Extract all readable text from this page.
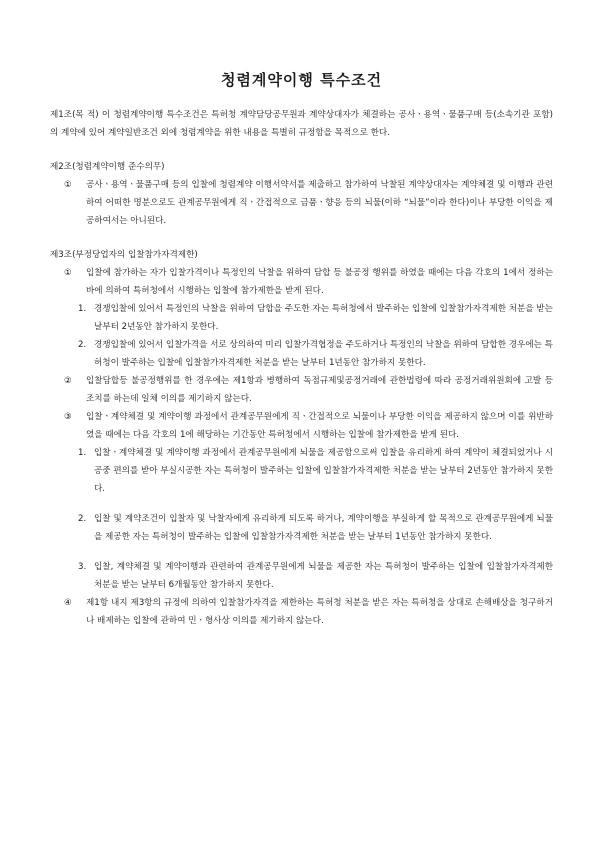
청렴계약이행 특수조건

제1조(목 적) 이 청렴계약이행 특수조건은 특허청 계약담당공무원과 계약상대자가 체결하는 공사ㆍ용역ㆍ물품구매 등(소속기관 포함)의 계약에 있어 계약일반조건 외에 청렴계약을 위한 내용을 특별히 규정함을 목적으로 한다.

제2조(청렴계약이행 준수의무)

①	공사ㆍ용역ㆍ물품구매 등의 입찰에 청렴계약 이행서약서를 제출하고 참가하여 낙찰된 계약상대자는 계약체결 및 이행과 관련하여 어떠한 명분으로도 관계공무원에게 직ㆍ간접적으로 금품ㆍ향응 등의 뇌물(이하 “뇌물”이라 한다)이나 부당한 이익을 제공하여서는 아니된다.

제3조(부정당업자의 입찰참가자격제한)

①	입찰에 참가하는 자가 입찰가격이나 특정인의 낙찰을 위하여 담합 등 불공정 행위를 하였을 때에는 다음 각호의 1에서 정하는 바에 의하여 특허청에서 시행하는 입찰에 참가제한을 받게 된다.
1. 경쟁입찰에 있어서 특정인의 낙찰을 위하여 담합을 주도한 자는 특허청에서 발주하는 입찰에 입찰참가자격제한 처분을 받는 날부터 2년동안 참가하지 못한다.
2. 경쟁입찰에 있어서 입찰가격을 서로 상의하여 미리 입찰가격협정을 주도하거나 특정인의 낙찰을 위하여 담합한 경우에는 특허청이 발주하는 입찰에 입찰참가자격제한 처분을 받는 날부터 1년동안 참가하지 못한다.
②	입찰담합등 불공정행위를 한 경우에는 제1항과 병행하여 독점규제및공정거래에 관한법령에 따라 공정거래위원회에 고발 등 조치를 하는데 일체 이의를 제기하지 않는다.
③	입찰ㆍ계약체결 및 계약이행 과정에서 관계공무원에게 직ㆍ간접적으로 뇌물이나 부당한 이익을 제공하지 않으며 이를 위반하였을 때에는 다음 각호의 1에 해당하는 기간동안 특허청에서 시행하는 입찰에 참가제한을 받게 된다.
1. 입찰ㆍ계약체결 및 계약이행 과정에서 관계공무원에게 뇌물을 제공함으로써 입찰을 유리하게 하여 계약이 체결되었거나 시공중 편의를 받아 부실시공한 자는 특허청이 발주하는 입찰에 입찰참가자격제한 처분을 받는 날부터 2년동안 참가하지 못한다.
2. 입찰 및 계약조건이 입찰자 및 낙찰자에게 유리하게 되도록 하거나, 계약이행을 부실하게 할 목적으로 관계공무원에게 뇌물을 제공한 자는 특허청이 발주하는 입찰에 입찰참가자격제한 처분을 받는 날부터 1년동안 참가하지 못한다.
3. 입찰, 계약체결 및 계약이행과 관련하여 관계공무원에게 뇌물을 제공한 자는 특허청이 발주하는 입찰에 입찰참가자격제한 처분을 받는 날부터 6개월동안 참가하지 못한다.
④	제1항 내지 제3항의 규정에 의하여 입찰참가자격을 제한하는 특허청 처분을 받은 자는 특허청을 상대로 손해배상을 청구하거나 배제하는 입찰에 관하여 민ㆍ형사상 이의를 제기하지 않는다.
